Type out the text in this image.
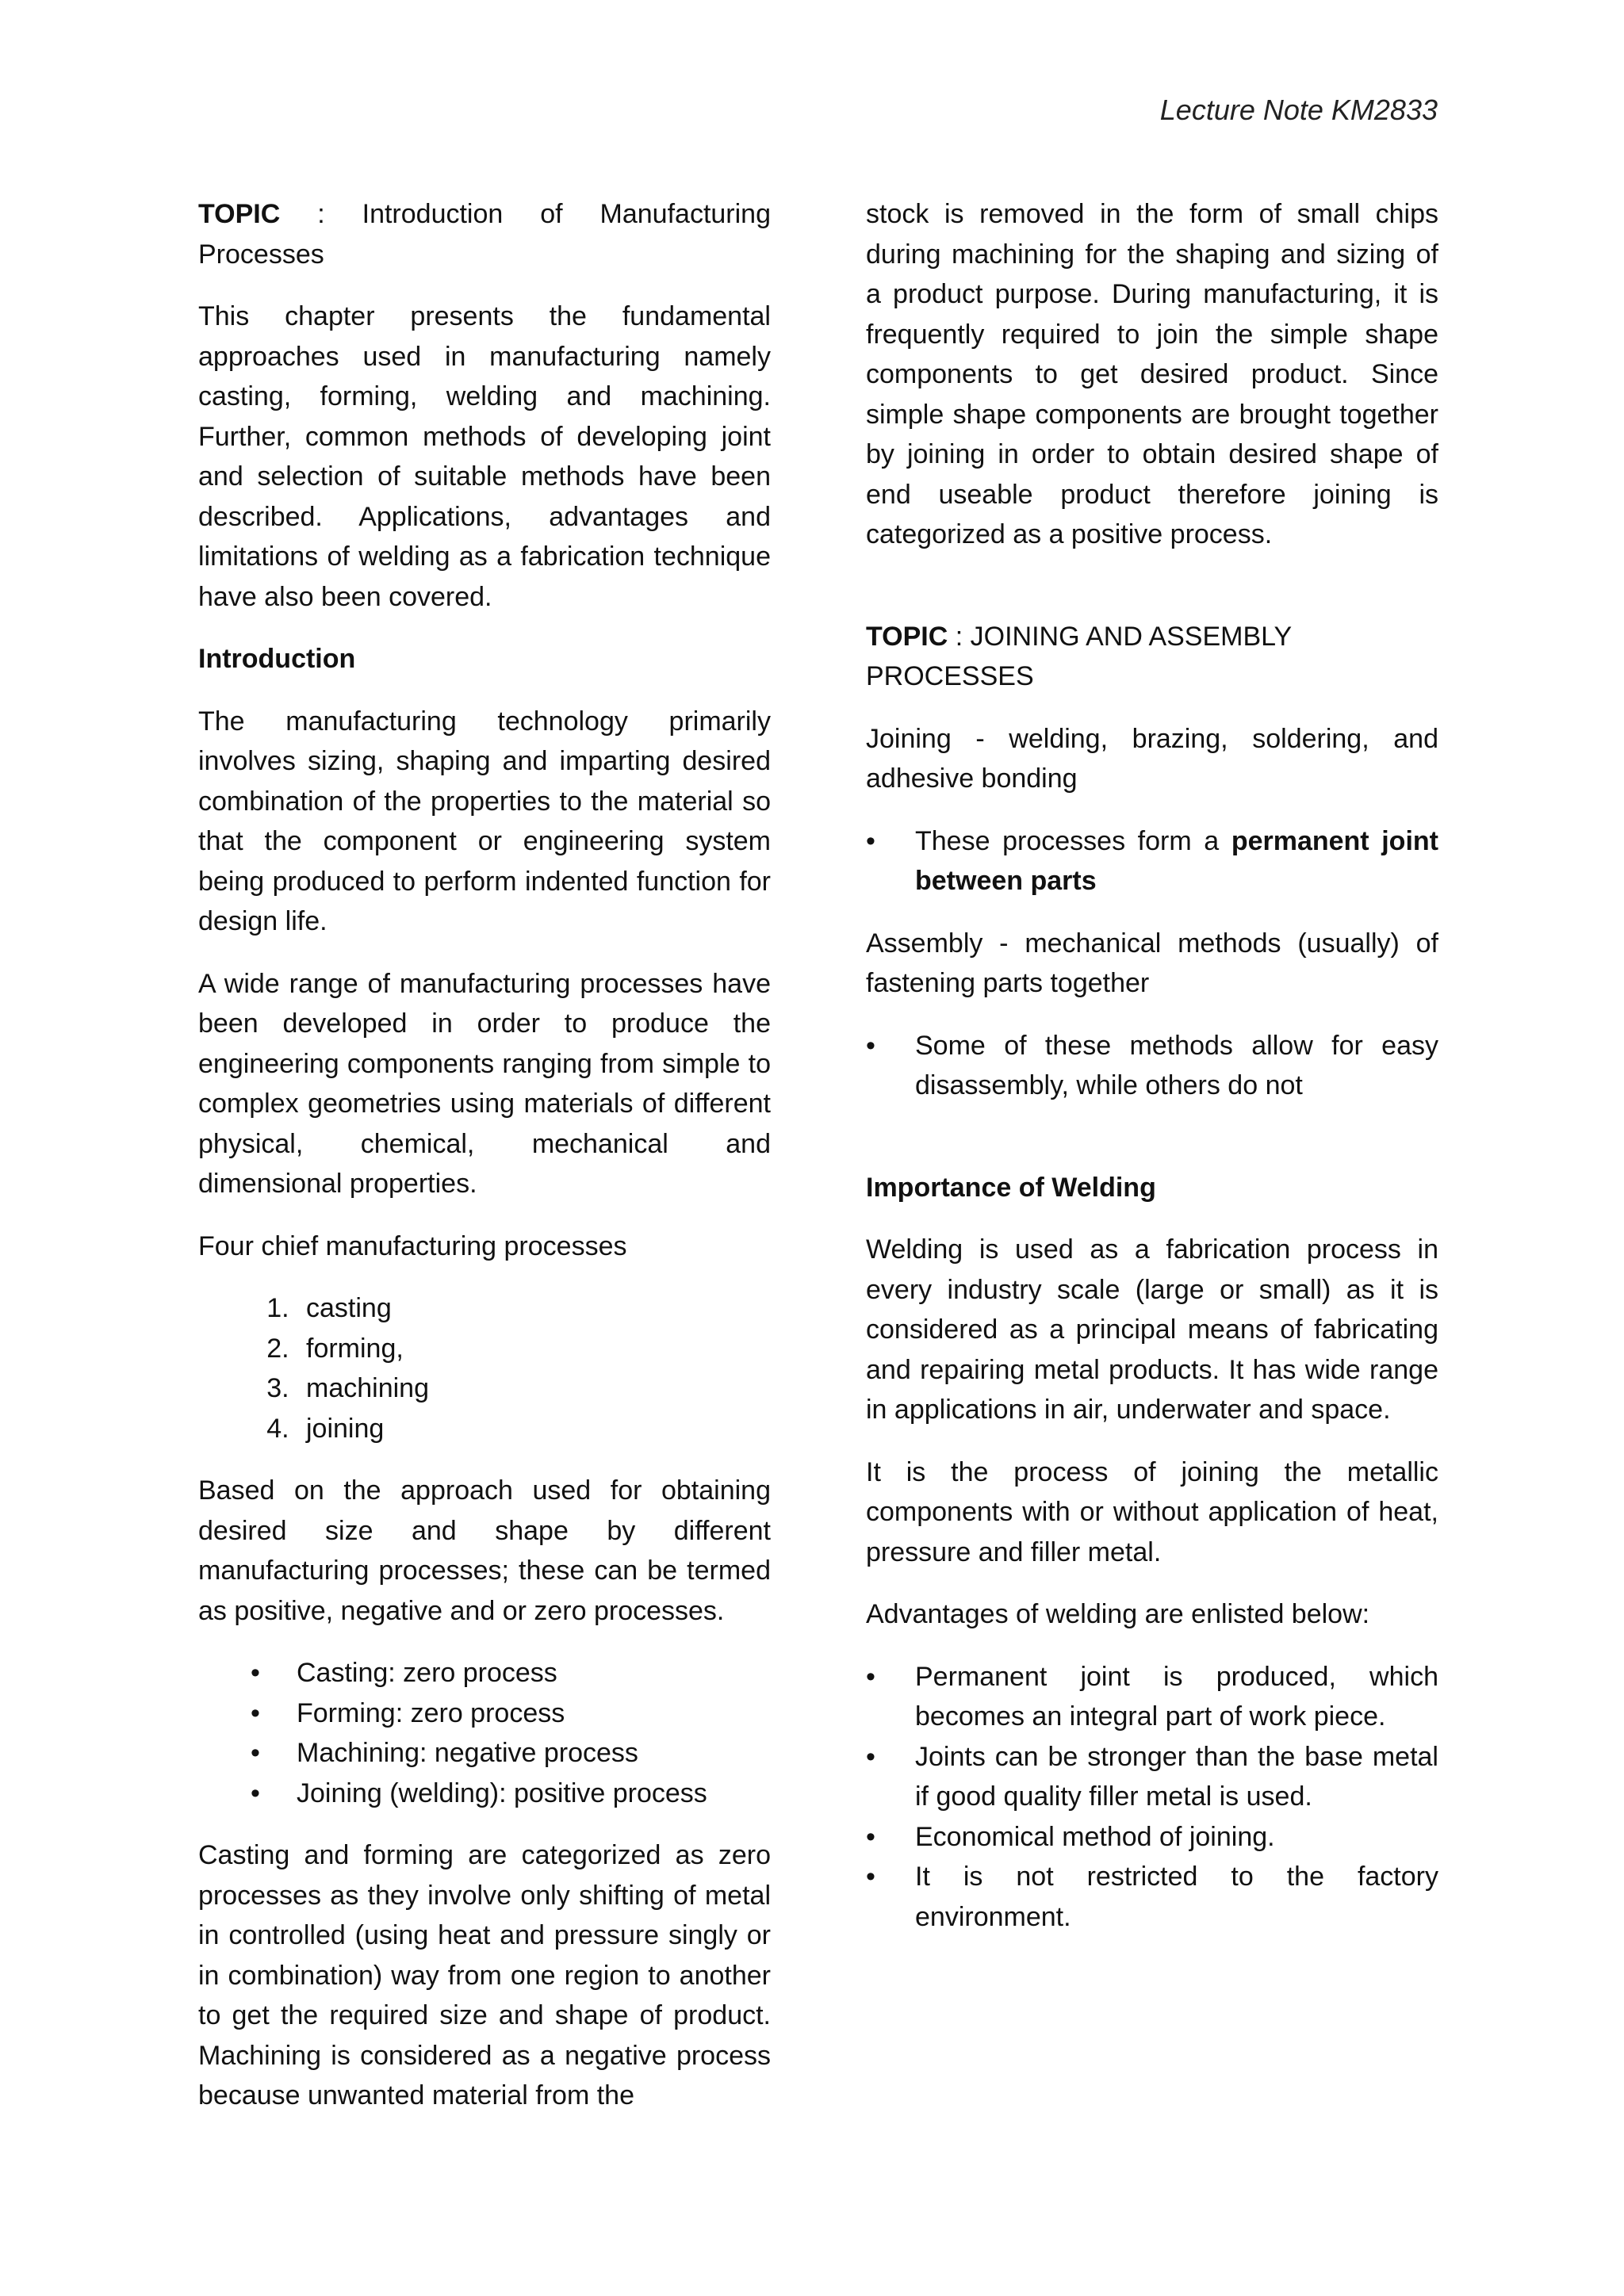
Lecture Note KM2833

TOPIC : Introduction of Manufacturing Processes

This chapter presents the fundamental approaches used in manufacturing namely casting, forming, welding and machining. Further, common methods of developing joint and selection of suitable methods have been described. Applications, advantages and limitations of welding as a fabrication technique have also been covered.

Introduction

The manufacturing technology primarily involves sizing, shaping and imparting desired combination of the properties to the material so that the component or engineering system being produced to perform indented function for design life.

A wide range of manufacturing processes have been developed in order to produce the engineering components ranging from simple to complex geometries using materials of different physical, chemical, mechanical and dimensional properties.

Four chief manufacturing processes

1. casting
2. forming,
3. machining
4. joining

Based on the approach used for obtaining desired size and shape by different manufacturing processes; these can be termed as positive, negative and or zero processes.

• Casting: zero process
• Forming: zero process
• Machining: negative process
• Joining (welding): positive process

Casting and forming are categorized as zero processes as they involve only shifting of metal in controlled (using heat and pressure singly or in combination) way from one region to another to get the required size and shape of product. Machining is considered as a negative process because unwanted material from the

stock is removed in the form of small chips during machining for the shaping and sizing of a product purpose. During manufacturing, it is frequently required to join the simple shape components to get desired product. Since simple shape components are brought together by joining in order to obtain desired shape of end useable product therefore joining is categorized as a positive process.

TOPIC : JOINING AND ASSEMBLY PROCESSES

Joining - welding, brazing, soldering, and adhesive bonding

• These processes form a permanent joint between parts

Assembly - mechanical methods (usually) of fastening parts together

• Some of these methods allow for easy disassembly, while others do not
Importance of Welding

Welding is used as a fabrication process in every industry scale (large or small) as it is considered as a principal means of fabricating and repairing metal products. It has wide range in applications in air, underwater and space.

It is the process of joining the metallic components with or without application of heat, pressure and filler metal.

Advantages of welding are enlisted below:

• Permanent joint is produced, which becomes an integral part of work piece.
• Joints can be stronger than the base metal if good quality filler metal is used.
• Economical method of joining.
• It is not restricted to the factory environment.
